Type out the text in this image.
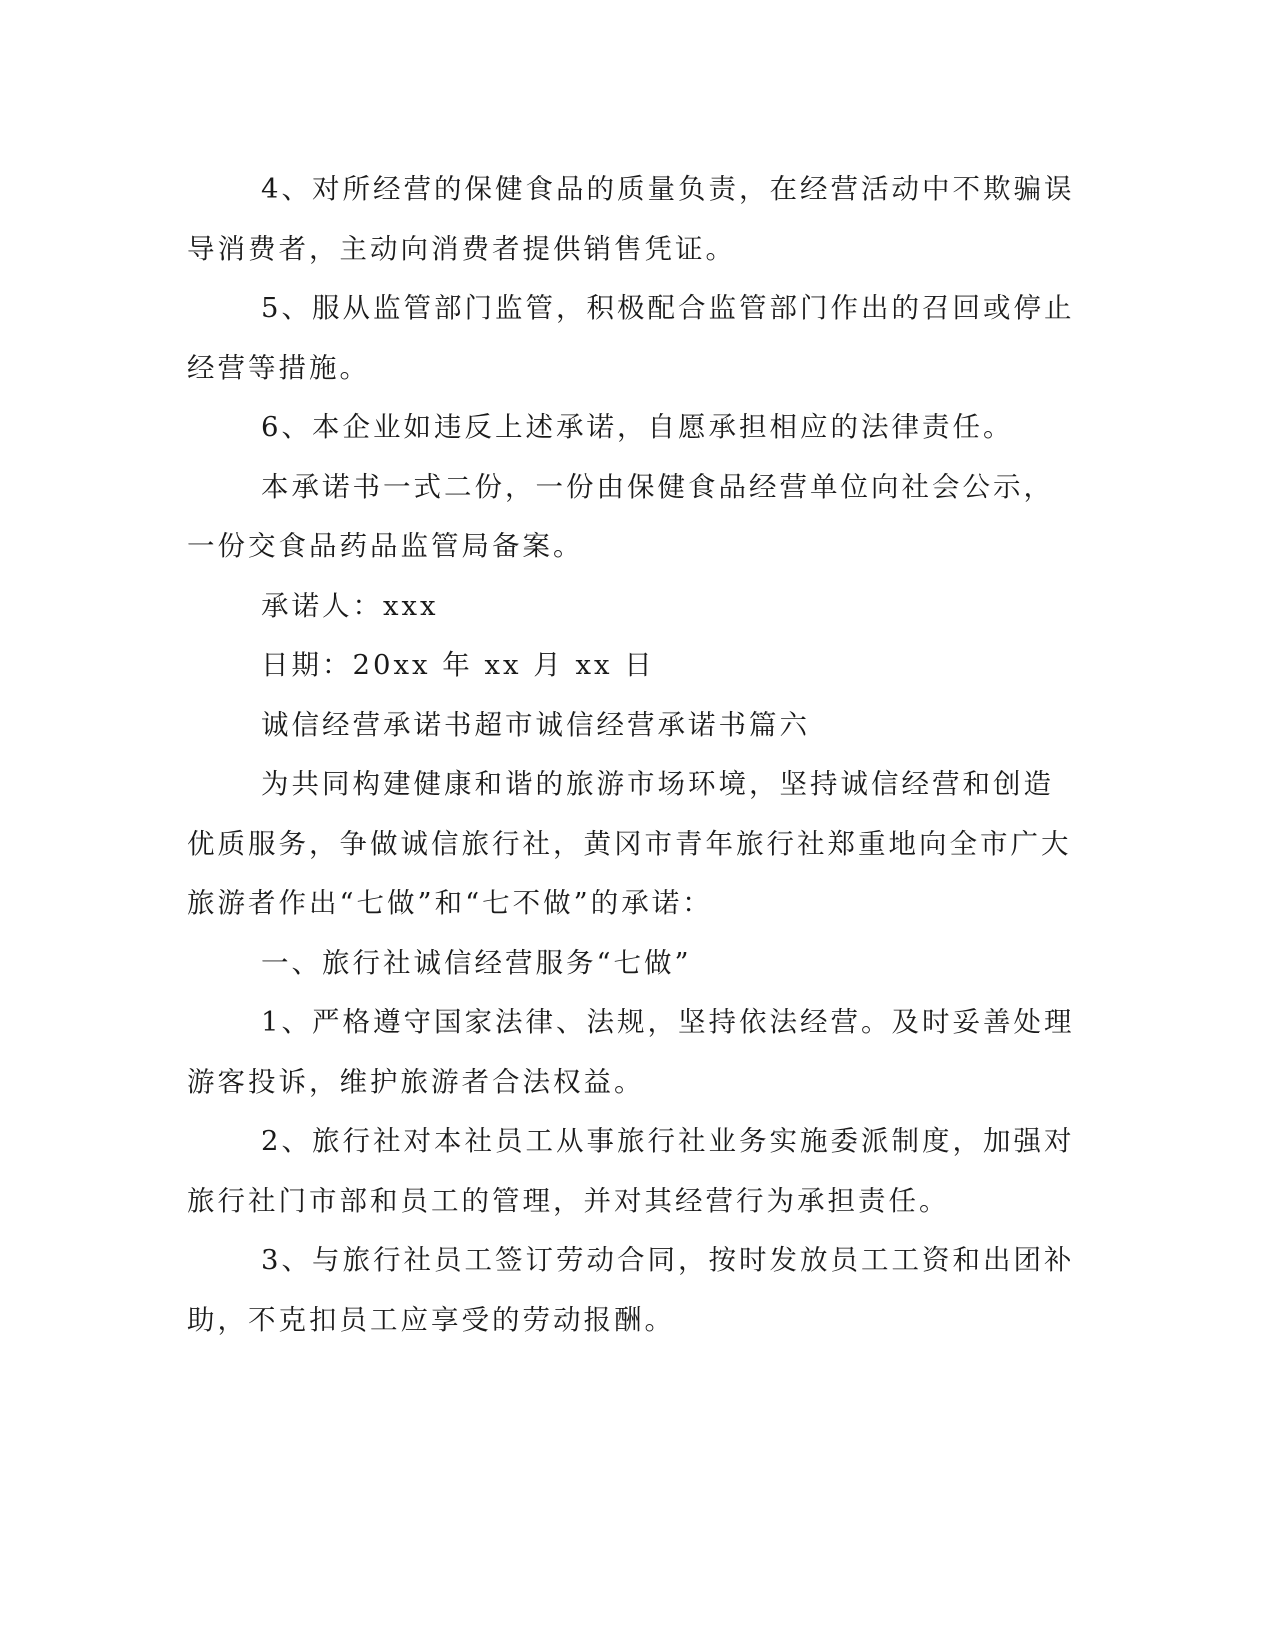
4、对所经营的保健食品的质量负责，在经营活动中不欺骗误导消费者，主动向消费者提供销售凭证。

5、服从监管部门监管，积极配合监管部门作出的召回或停止经营等措施。

6、本企业如违反上述承诺，自愿承担相应的法律责任。

本承诺书一式二份，一份由保健食品经营单位向社会公示，一份交食品药品监管局备案。

承诺人：xxx

日期：20xx 年 xx 月 xx 日

诚信经营承诺书超市诚信经营承诺书篇六

为共同构建健康和谐的旅游市场环境，坚持诚信经营和创造优质服务，争做诚信旅行社，黄冈市青年旅行社郑重地向全市广大旅游者作出“七做”和“七不做”的承诺：

一、旅行社诚信经营服务“七做”

1、严格遵守国家法律、法规，坚持依法经营。及时妥善处理游客投诉，维护旅游者合法权益。

2、旅行社对本社员工从事旅行社业务实施委派制度，加强对旅行社门市部和员工的管理，并对其经营行为承担责任。

3、与旅行社员工签订劳动合同，按时发放员工工资和出团补助，不克扣员工应享受的劳动报酬。
